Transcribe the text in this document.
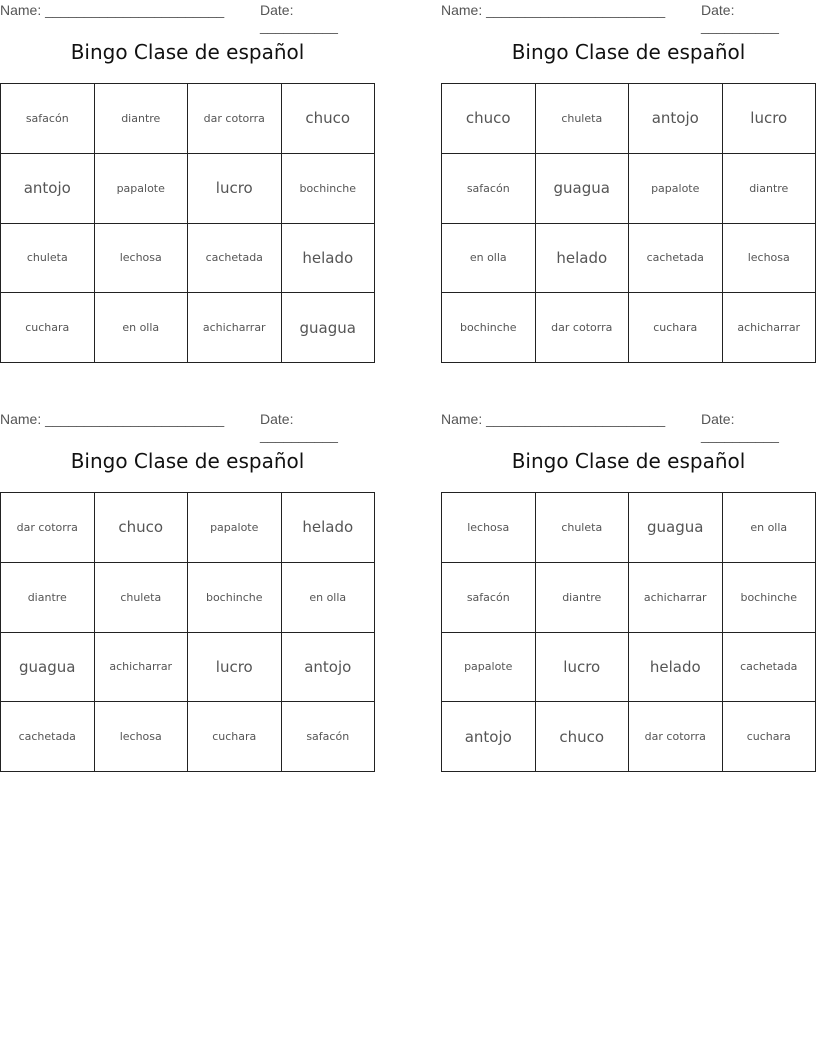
Name: _______________________	Date: __________
Bingo Clase de español
safacón	diantre	dar cotorra	chuco
antojo	papalote	lucro	bochinche
chuleta	lechosa	cachetada	helado
cuchara	en olla	achicharrar	guagua
Name: _______________________	Date: __________
Bingo Clase de español
chuco	chuleta	antojo	lucro
safacón	guagua	papalote	diantre
en olla	helado	cachetada	lechosa
bochinche	dar cotorra	cuchara	achicharrar
Name: _______________________	Date: __________
Bingo Clase de español
dar cotorra	chuco	papalote	helado
diantre	chuleta	bochinche	en olla
guagua	achicharrar	lucro	antojo
cachetada	lechosa	cuchara	safacón
Name: _______________________	Date: __________
Bingo Clase de español
lechosa	chuleta	guagua	en olla
safacón	diantre	achicharrar	bochinche
papalote	lucro	helado	cachetada
antojo	chuco	dar cotorra	cuchara
